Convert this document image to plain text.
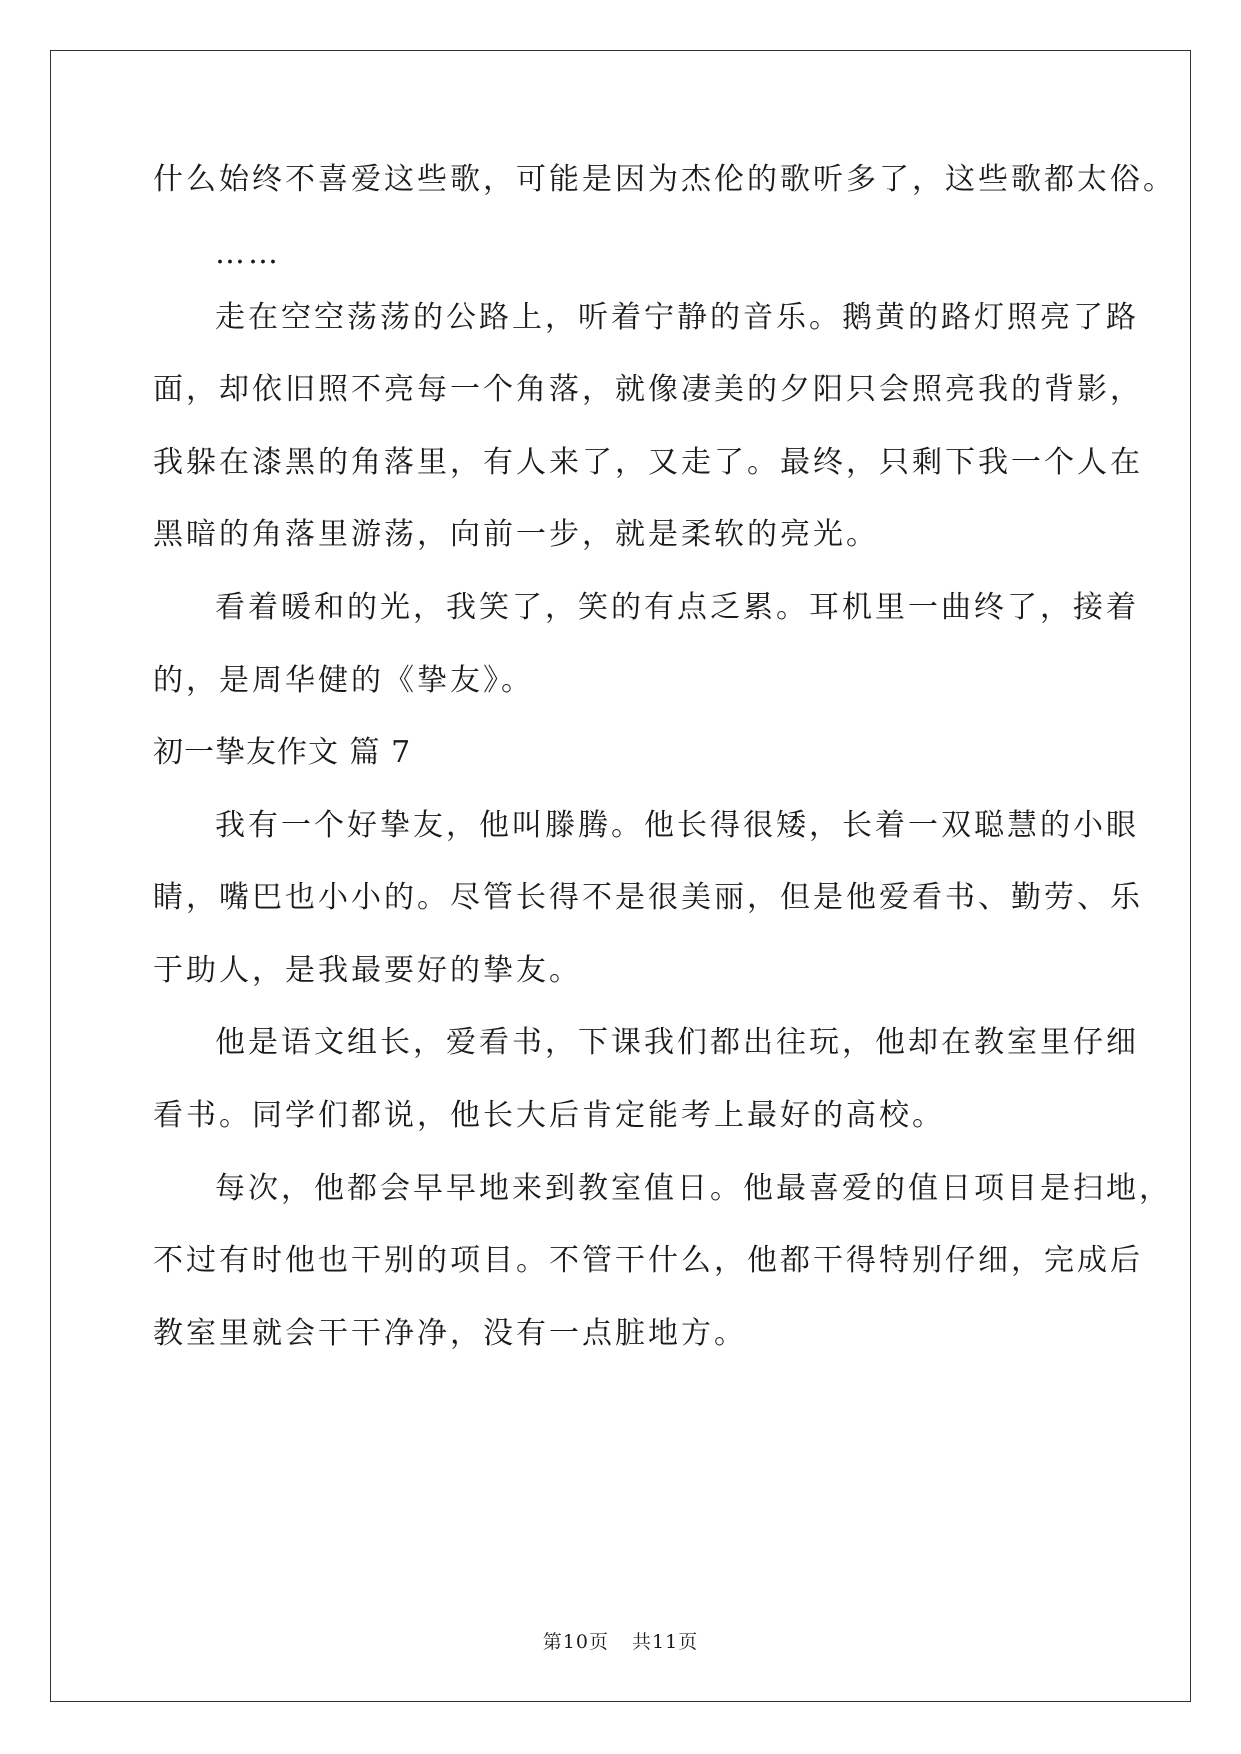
什么始终不喜爱这些歌，可能是因为杰伦的歌听多了，这些歌都太俗。
……
走在空空荡荡的公路上，听着宁静的音乐。鹅黄的路灯照亮了路
面，却依旧照不亮每一个角落，就像凄美的夕阳只会照亮我的背影，
我躲在漆黑的角落里，有人来了，又走了。最终，只剩下我一个人在
黑暗的角落里游荡，向前一步，就是柔软的亮光。
看着暖和的光，我笑了，笑的有点乏累。耳机里一曲终了，接着
的，是周华健的《挚友》。
初一挚友作文 篇 7
我有一个好挚友，他叫滕腾。他长得很矮，长着一双聪慧的小眼
睛，嘴巴也小小的。尽管长得不是很美丽，但是他爱看书、勤劳、乐
于助人，是我最要好的挚友。
他是语文组长，爱看书，下课我们都出往玩，他却在教室里仔细
看书。同学们都说，他长大后肯定能考上最好的高校。
每次，他都会早早地来到教室值日。他最喜爱的值日项目是扫地，
不过有时他也干别的项目。不管干什么，他都干得特别仔细，完成后
教室里就会干干净净，没有一点脏地方。
第10页 共11页
